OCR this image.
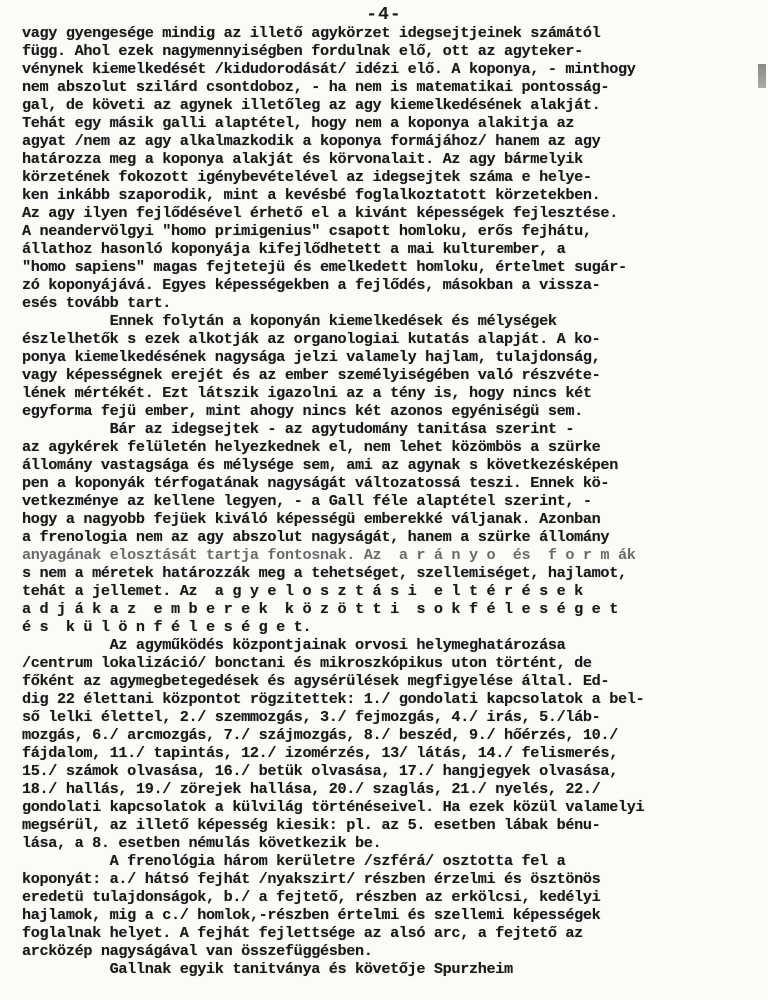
-4-
vagy gyengesége mindig az illető agykörzet idegsejtjeinek számától
függ. Ahol ezek nagymennyiségben fordulnak elő, ott az agyteker-
vénynek kiemelkedését /kidudorodását/ idézi elő. A koponya, - minthogy
nem abszolut szilárd csontdoboz, - ha nem is matematikai pontosság-
gal, de követi az agynek illetőleg az agy kiemelkedésének alakját.
Tehát egy másik galli alaptétel, hogy nem a koponya alakitja az
agyat /nem az agy alkalmazkodik a koponya formájához/ hanem az agy
határozza meg a koponya alakját és körvonalait. Az agy bármelyik
körzetének fokozott igénybevételével az idegsejtek száma e helye-
ken inkább szaporodik, mint a kevésbé foglalkoztatott körzetekben.
Az agy ilyen fejlődésével érhető el a kivánt képességek fejlesztése.
A neandervölgyi "homo primigenius" csapott homloku, erős fejhátu,
állathoz hasonló koponyája kifejlődhetett a mai kulturember, a
"homo sapiens" magas fejtetejü és emelkedett homloku, értelmet sugár-
zó koponyájává. Egyes képességekben a fejlődés, másokban a vissza-
esés tovább tart.
Ennek folytán a koponyán kiemelkedések és mélységek
észlelhetők s ezek alkotják az organologiai kutatás alapját. A ko-
ponya kiemelkedésének nagysága jelzi valamely hajlam, tulajdonság,
vagy képességnek erejét és az ember személyiségében való részvéte-
lének mértékét. Ezt látszik igazolni az a tény is, hogy nincs két
egyforma fejü ember, mint ahogy nincs két azonos egyéniségü sem.
Bár az idegsejtek - az agytudomány tanitása szerint -
az agykérek felületén helyezkednek el, nem lehet közömbös a szürke
állomány vastagsága és mélysége sem, ami az agynak s következésképen
pen a koponyák térfogatának nagyságát változatossá teszi. Ennek kö-
vetkezménye az kellene legyen, - a Gall féle alaptétel szerint, -
hogy a nagyobb fejüek kiváló képességü emberekké váljanak. Azonban
a frenologia nem az agy abszolut nagyságát, hanem a szürke állomány
anyagának elosztását tartja fontosnak. Az  a r á n y o  és  f o r m ák
s nem a méretek határozzák meg a tehetséget, szellemiséget, hajlamot,
tehát a jellemet. Az  a g y e l o s z t á s i  e l t é r é s e k
a d j á k a z  e m b e r e k  k ö z ö t t i  s o k f é l e s é g e t
é s  k ü l ö n f é l e s é g e t.
Az agyműködés központjainak orvosi helymeghatározása
/centrum lokalizáció/ bonctani és mikroszkópikus uton történt, de
főként az agymegbetegedések és agysérülések megfigyelése által. Ed-
dig 22 élettani központot rögzitettek: 1./ gondolati kapcsolatok a bel-
ső lelki élettel, 2./ szemmozgás, 3./ fejmozgás, 4./ irás, 5./láb-
mozgás, 6./ arcmozgás, 7./ szájmozgás, 8./ beszéd, 9./ hőérzés, 10./
fájdalom, 11./ tapintás, 12./ izomérzés, 13/ látás, 14./ felismerés,
15./ számok olvasása, 16./ betük olvasása, 17./ hangjegyek olvasása,
18./ hallás, 19./ zörejek hallása, 20./ szaglás, 21./ nyelés, 22./
gondolati kapcsolatok a külvilág történéseivel. Ha ezek közül valamelyi
megsérül, az illető képesség kiesik: pl. az 5. esetben lábak bénu-
lása, a 8. esetben némulás következik be.
A frenológia három kerületre /szférá/ osztotta fel a
koponyát: a./ hátsó fejhát /nyakszirt/ részben érzelmi és ösztönös
eredetü tulajdonságok, b./ a fejtető, részben az erkölcsi, kedélyi
hajlamok, mig a c./ homlok,-részben értelmi és szellemi képességek
foglalnak helyet. A fejhát fejlettsége az alsó arc, a fejtető az
arcközép nagyságával van összefüggésben.
Gallnak egyik tanitványa és követője Spurzheim
